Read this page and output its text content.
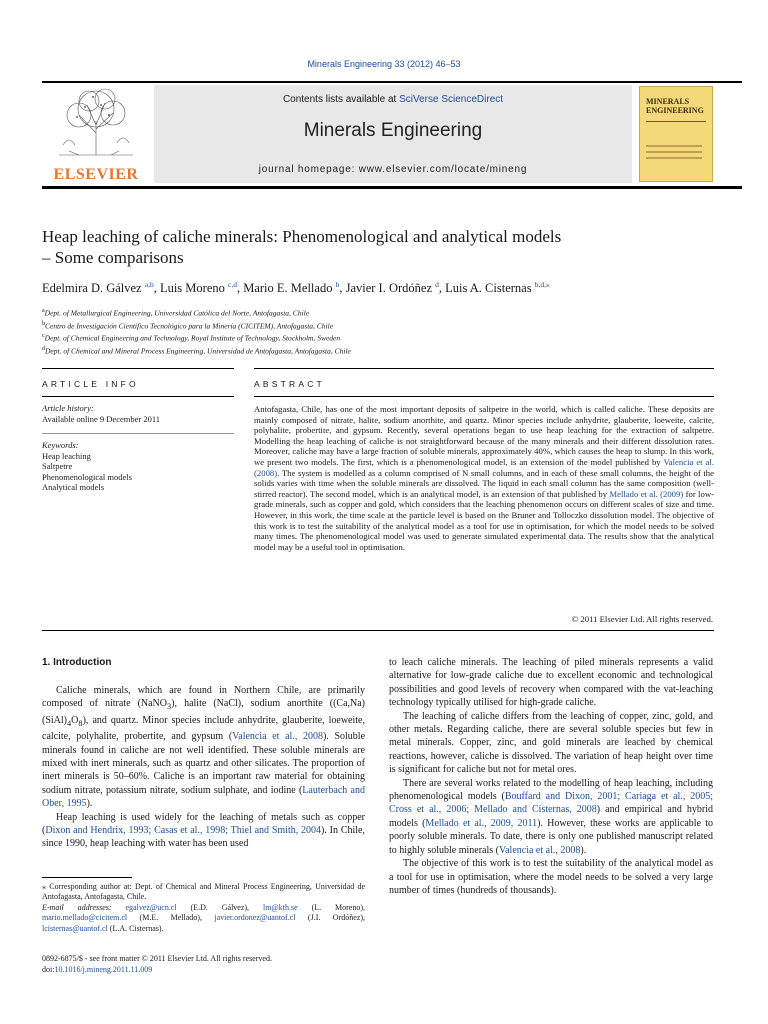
Minerals Engineering 33 (2012) 46–53
ELSEVIER
Contents lists available at SciVerse ScienceDirect
Minerals Engineering
journal homepage: www.elsevier.com/locate/mineng
MINERALS
ENGINEERING
Heap leaching of caliche minerals: Phenomenological and analytical models
– Some comparisons
Edelmira D. Gálvez $^{a,b}$, Luis Moreno $^{c,d}$, Mario E. Mellado $^b$, Javier I. Ordóñez $^d$, Luis A. Cisternas $^{b,d,⁎}$
$^a$Dept. of Metallurgical Engineering, Universidad Católica del Norte, Antofagasta, Chile
$^b$Centro de Investigación Científico Tecnológico para la Minería (CICITEM), Antofagasta, Chile
$^c$Dept. of Chemical Engineering and Technology, Royal Institute of Technology, Stockholm, Sweden
$^d$Dept. of Chemical and Mineral Process Engineering, Universidad de Antofagasta, Antofagasta, Chile
ARTICLE INFO	ABSTRACT
Article history:
Available online 9 December 2011
Keywords:
Heap leaching
Saltpetre
Phenomenological models
Analytical models
Antofagasta, Chile, has one of the most important deposits of saltpetre in the world, which is called caliche. These deposits are mainly composed of nitrate, halite, sodium anorthite, and quartz. Minor species include anhydrite, glauberite, loeweite, calcite, polyhalite, probertite, and gypsum. Recently, several operations began to use heap leaching for the extraction of saltpetre. Modelling the heap leaching of caliche is not straightforward because of the many minerals and their different dissolution rates. Moreover, caliche may have a large fraction of soluble minerals, approximately 40%, which causes the heap to slump. In this work, we present two models. The first, which is a phenomenological model, is an extension of the model published by Valencia et al. (2008). The system is modelled as a column comprised of N small columns, and in each of these small columns, the height of the solids varies with time when the soluble minerals are dissolved. The liquid in each small column has the same composition (well-stirred reactor). The second model, which is an analytical model, is an extension of that published by Mellado et al. (2009) for low-grade minerals, such as copper and gold, which considers that the leaching phenomenon occurs on different scales of size and time. However, in this work, the time scale at the particle level is based on the Bruner and Tolloczko dissolution model. The objective of this work is to test the suitability of the analytical model as a tool for use in optimisation, for which the model needs to be solved many times. The phenomenological model was used to generate simulated experimental data. The results show that the analytical model may be a useful tool in optimisation.
© 2011 Elsevier Ltd. All rights reserved.
1. Introduction

Caliche minerals, which are found in Northern Chile, are primarily composed of nitrate (NaNO$_3$), halite (NaCl), sodium anorthite $((Ca,Na)(SiAl)_4O_8)$, and quartz. Minor species include anhydrite, glauberite, loeweite, calcite, polyhalite, probertite, and gypsum (Valencia et al., 2008). Soluble minerals found in caliche are not well identified. These soluble minerals are mixed with inert minerals, such as quartz and other silicates. The proportion of inert minerals is 50–60%. Caliche is an important raw material for obtaining sodium nitrate, potassium nitrate, sodium sulphate, and iodine (Lauterbach and Ober, 1995).

Heap leaching is used widely for the leaching of metals such as copper (Dixon and Hendrix, 1993; Casas et al., 1998; Thiel and Smith, 2004). In Chile, since 1990, heap leaching with water has been used

to leach caliche minerals. The leaching of piled minerals represents a valid alternative for low-grade caliche due to excellent economic and technological possibilities and good levels of recovery when compared with the vat-leaching technology typically utilised for high-grade caliche.

The leaching of caliche differs from the leaching of copper, zinc, gold, and other metals. Regarding caliche, there are several soluble species but few in metal minerals. Copper, zinc, and gold minerals are leached by chemical reactions, however, caliche is dissolved. The variation of heap height over time is significant for caliche but not for metal ores.

There are several works related to the modelling of heap leaching, including phenomenological models (Bouffard and Dixon, 2001; Cariaga et al., 2005; Cross et al., 2006; Mellado and Cisternas, 2008) and empirical and hybrid models (Mellado et al., 2009, 2011). However, these works are applicable to poorly soluble minerals. To date, there is only one published manuscript related to highly soluble minerals (Valencia et al., 2008).

The objective of this work is to test the suitability of the analytical model as a tool for use in optimisation, where the model needs to be solved a very large number of times (hundreds of thousands).

⁎ Corresponding author at: Dept. of Chemical and Mineral Process Engineering, Universidad de Antofagasta, Antofagasta, Chile.
E-mail addresses: egalvez@ucn.cl (E.D. Gálvez), lm@kth.se (L. Moreno), mario.mellado@cicitem.cl (M.E. Mellado), javier.ordonez@uantof.cl (J.I. Ordóñez), lcisternas@uantof.cl (L.A. Cisternas).
0892-6875/$ - see front matter © 2011 Elsevier Ltd. All rights reserved.
doi:10.1016/j.mineng.2011.11.009
